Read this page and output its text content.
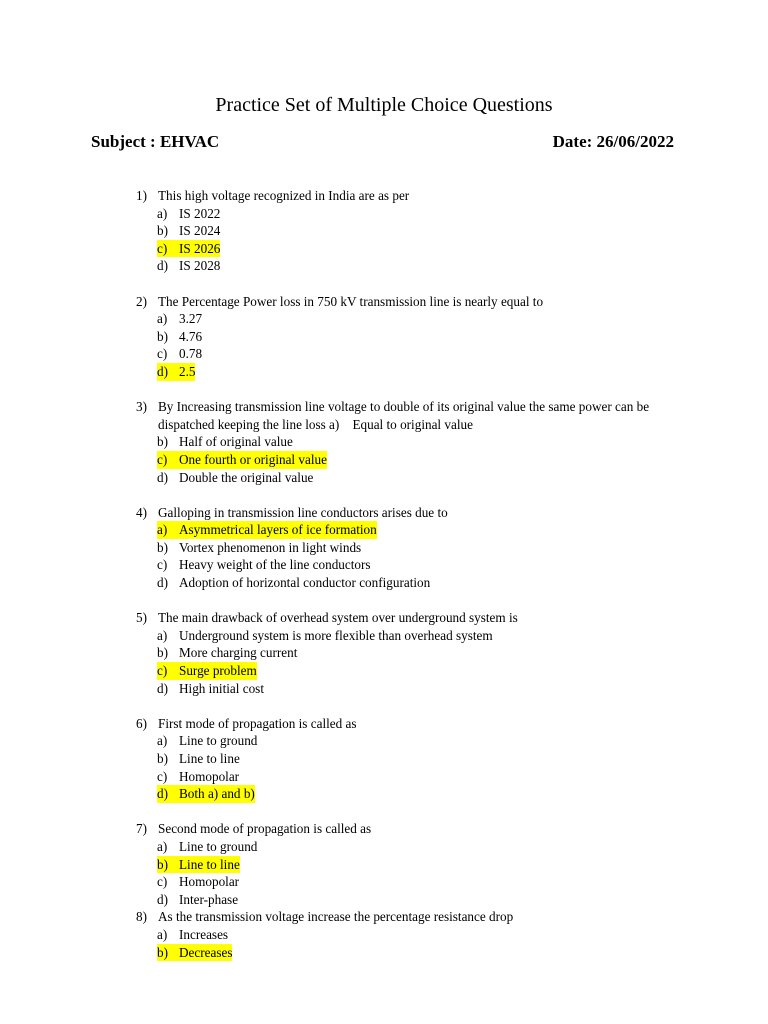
Practice Set of Multiple Choice Questions
Subject : EHVAC	Date: 26/06/2022
1) This high voltage recognized in India are as per
a) IS 2022
b) IS 2024
c) IS 2026
d) IS 2028
2) The Percentage Power loss in 750 kV transmission line is nearly equal to
a) 3.27
b) 4.76
c) 0.78
d) 2.5
3) By Increasing transmission line voltage to double of its original value the same power can be
dispatched keeping the line loss a)    Equal to original value
b) Half of original value
c) One fourth or original value
d) Double the original value
4) Galloping in transmission line conductors arises due to
a) Asymmetrical layers of ice formation
b) Vortex phenomenon in light winds
c) Heavy weight of the line conductors
d) Adoption of horizontal conductor configuration
5) The main drawback of overhead system over underground system is
a) Underground system is more flexible than overhead system
b) More charging current
c) Surge problem
d) High initial cost
6) First mode of propagation is called as
a) Line to ground
b) Line to line
c) Homopolar
d) Both a) and b)
7) Second mode of propagation is called as
a) Line to ground
b) Line to line
c) Homopolar
d) Inter-phase
8) As the transmission voltage increase the percentage resistance drop
a) Increases
b) Decreases
